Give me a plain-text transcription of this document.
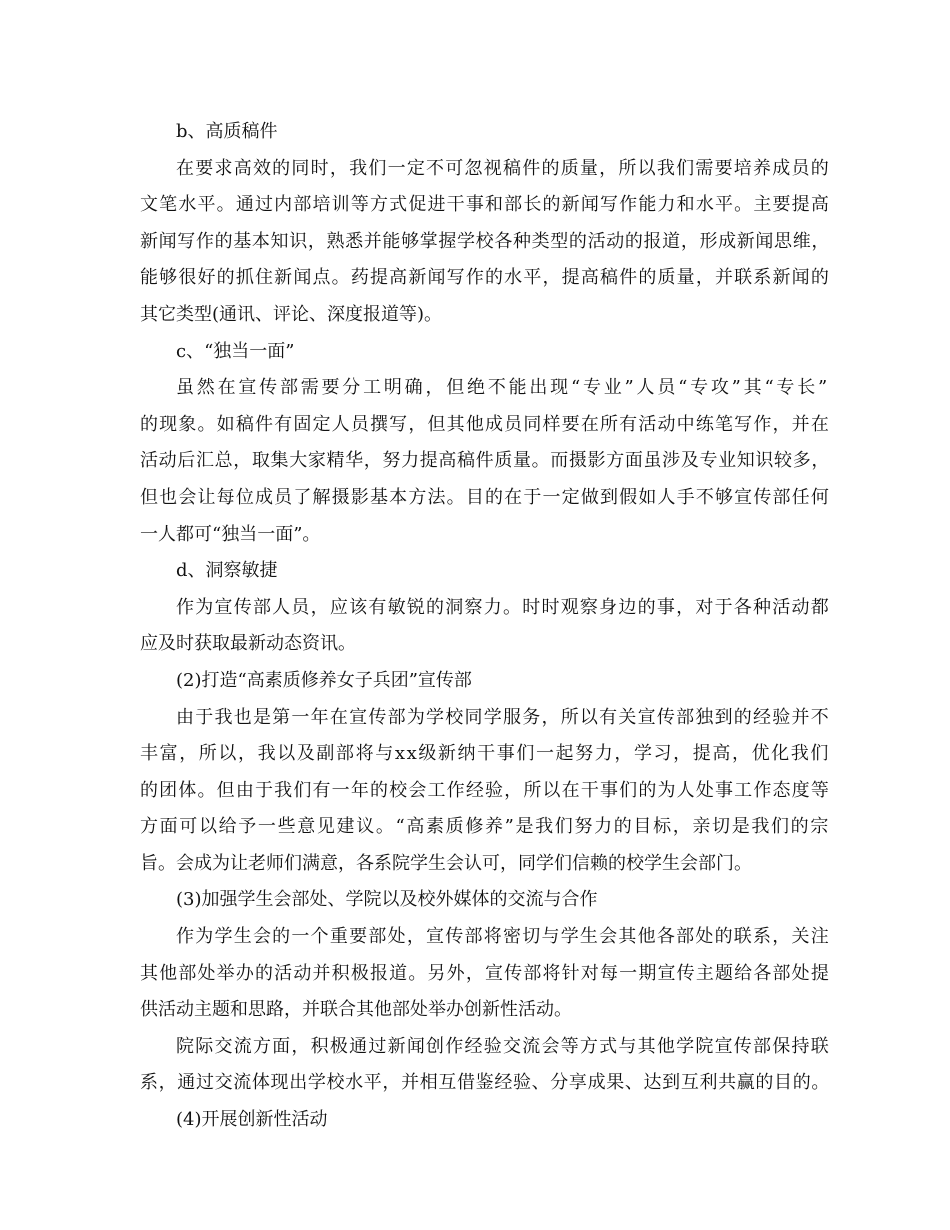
b、高质稿件
在要求高效的同时，我们一定不可忽视稿件的质量，所以我们需要培养成员的
文笔水平。通过内部培训等方式促进干事和部长的新闻写作能力和水平。主要提高
新闻写作的基本知识，熟悉并能够掌握学校各种类型的活动的报道，形成新闻思维，
能够很好的抓住新闻点。药提高新闻写作的水平，提高稿件的质量，并联系新闻的
其它类型(通讯、评论、深度报道等)。
c、“独当一面”
虽然在宣传部需要分工明确，但绝不能出现“专业”人员“专攻”其“专长”
的现象。如稿件有固定人员撰写，但其他成员同样要在所有活动中练笔写作，并在
活动后汇总，取集大家精华，努力提高稿件质量。而摄影方面虽涉及专业知识较多，
但也会让每位成员了解摄影基本方法。目的在于一定做到假如人手不够宣传部任何
一人都可“独当一面”。
d、洞察敏捷
作为宣传部人员，应该有敏锐的洞察力。时时观察身边的事，对于各种活动都
应及时获取最新动态资讯。
(2)打造“高素质修养女子兵团”宣传部
由于我也是第一年在宣传部为学校同学服务，所以有关宣传部独到的经验并不
丰富，所以，我以及副部将与xx级新纳干事们一起努力，学习，提高，优化我们
的团体。但由于我们有一年的校会工作经验，所以在干事们的为人处事工作态度等
方面可以给予一些意见建议。“高素质修养”是我们努力的目标，亲切是我们的宗
旨。会成为让老师们满意，各系院学生会认可，同学们信赖的校学生会部门。
(3)加强学生会部处、学院以及校外媒体的交流与合作
作为学生会的一个重要部处，宣传部将密切与学生会其他各部处的联系，关注
其他部处举办的活动并积极报道。另外，宣传部将针对每一期宣传主题给各部处提
供活动主题和思路，并联合其他部处举办创新性活动。
院际交流方面，积极通过新闻创作经验交流会等方式与其他学院宣传部保持联
系，通过交流体现出学校水平，并相互借鉴经验、分享成果、达到互利共赢的目的。
(4)开展创新性活动
